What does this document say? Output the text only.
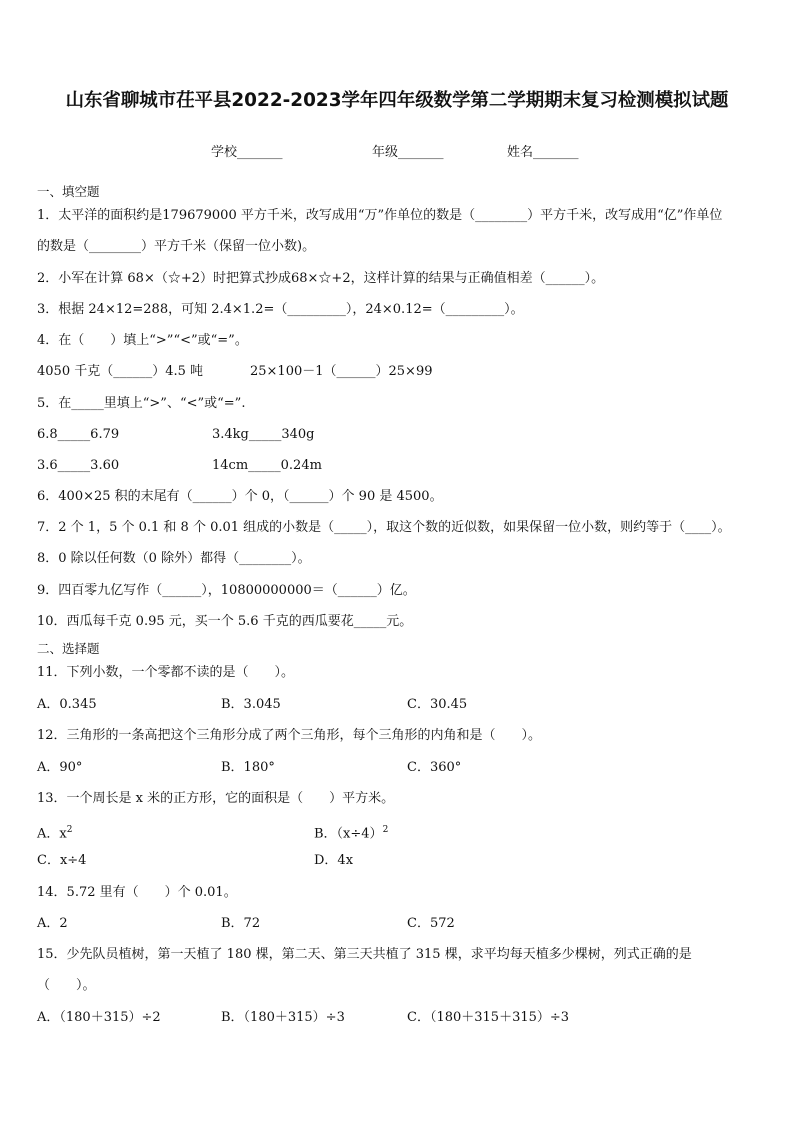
山东省聊城市茌平县2022-2023学年四年级数学第二学期期末复习检测模拟试题
学校_______	年级_______	姓名_______
一、填空题
1．太平洋的面积约是179679000 平方千米，改写成用“万”作单位的数是（________）平方千米，改写成用“亿”作单位
的数是（________）平方千米（保留一位小数)。
2．小军在计算 68×（☆+2）时把算式抄成68×☆+2，这样计算的结果与正确值相差（______）。
3．根据 24×12=288，可知 2.4×1.2=（_________），24×0.12=（_________）。
4．在（　　）填上“>”“<”或“=”。
4050 千克（______）4.5 吨	25×100－1（______）25×99
5．在_____里填上“>”、“<”或“=”.
6.8_____6.79	3.4kg_____340g
3.6_____3.60	14cm_____0.24m
6．400×25 积的末尾有（______）个 0，（______）个 90 是 4500。
7．2 个 1，5 个 0.1 和 8 个 0.01 组成的小数是（_____），取这个数的近似数，如果保留一位小数，则约等于（____）。
8．0 除以任何数（0 除外）都得（________）。
9．四百零九亿写作（______），10800000000＝（______）亿。
10．西瓜每千克 0.95 元，买一个 5.6 千克的西瓜要花_____元。
二、选择题
11．下列小数，一个零都不读的是（　　）。
A．0.345	B．3.045	C．30.45
12．三角形的一条高把这个三角形分成了两个三角形，每个三角形的内角和是（　　）。
A．90°	B．180°	C．360°
13．一个周长是 x 米的正方形，它的面积是（　　）平方米。
A．$x^2$	B．$(x\div 4)^2$
C．x÷4	D．4x
14．5.72 里有（　　）个 0.01。
A．2	B．72	C．572
15．少先队员植树，第一天植了 180 棵，第二天、第三天共植了 315 棵，求平均每天植多少棵树，列式正确的是
（　　）。
A．（180＋315）÷2	B．（180＋315）÷3	C．（180＋315＋315）÷3
